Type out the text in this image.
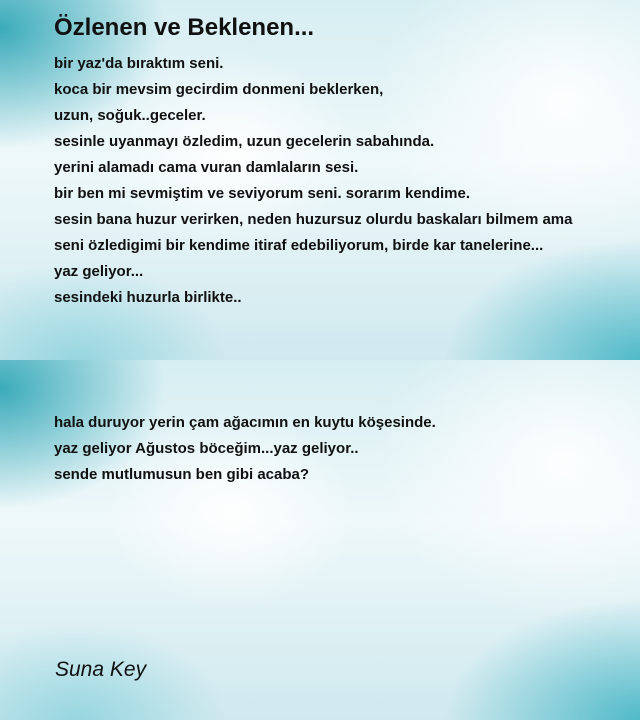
Özlenen ve Beklenen...
bir yaz'da bıraktım seni.
koca bir mevsim gecirdim donmeni beklerken,
uzun, soğuk..geceler.
sesinle uyanmayı özledim, uzun gecelerin sabahında.
yerini alamadı cama vuran damlaların sesi.
bir ben mi sevmiştim ve seviyorum seni. sorarım kendime.
sesin bana huzur verirken, neden huzursuz olurdu baskaları bilmem ama
seni özledigimi bir kendime itiraf edebiliyorum, birde kar tanelerine...
yaz geliyor...
sesindeki huzurla birlikte..
hala duruyor yerin çam ağacımın en kuytu köşesinde.
yaz geliyor Ağustos böceğim...yaz geliyor..
sende mutlumusun ben gibi acaba?
Suna Key
